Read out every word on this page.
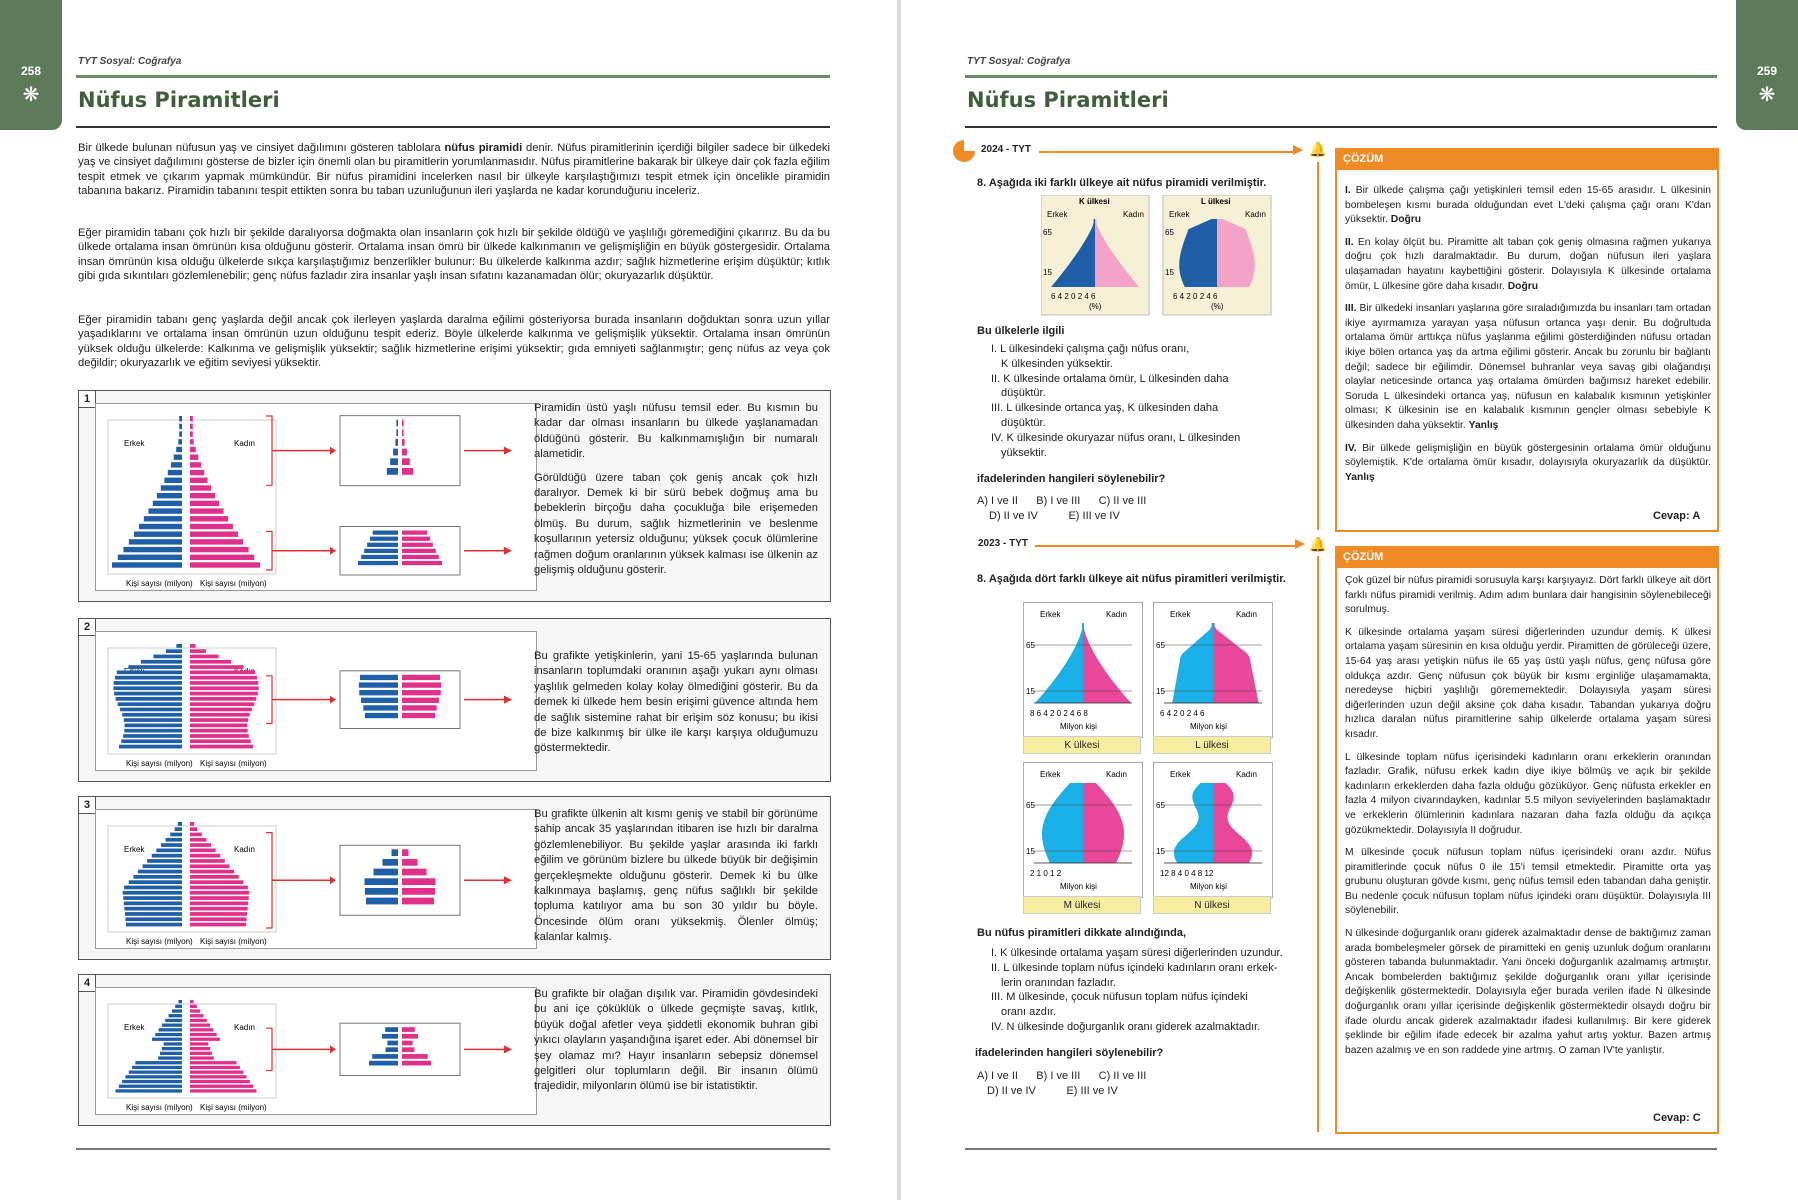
258
❋
TYT Sosyal: Coğrafya
Nüfus Piramitleri
Bir ülkede bulunan nüfusun yaş ve cinsiyet dağılımını gösteren tablolara nüfus piramidi denir. Nüfus piramitlerinin içerdiği bilgiler sadece bir ülkedeki yaş ve cinsiyet dağılımını gösterse de bizler için önemli olan bu piramitlerin yorumlanmasıdır. Nüfus piramitlerine bakarak bir ülkeye dair çok fazla eğilim tespit etmek ve çıkarım yapmak mümkündür. Bir nüfus piramidini incelerken nasıl bir ülkeyle karşılaştığımızı tespit etmek için öncelikle piramidin tabanına bakarız. Piramidin tabanını tespit ettikten sonra bu taban uzunluğunun ileri yaşlarda ne kadar korunduğunu inceleriz.
Eğer piramidin tabanı çok hızlı bir şekilde daralıyorsa doğmakta olan insanların çok hızlı bir şekilde öldüğü ve yaşlılığı göremediğini çıkarırız. Bu da bu ülkede ortalama insan ömrünün kısa olduğunu gösterir. Ortalama insan ömrü bir ülkede kalkınmanın ve gelişmişliğin en büyük göstergesidir. Ortalama insan ömrünün kısa olduğu ülkelerde sıkça karşılaştığımız benzerlikler bulunur: Bu ülkelerde kalkınma azdır; sağlık hizmetlerine erişim düşüktür; kıtlık gibi gıda sıkıntıları gözlemlenebilir; genç nüfus fazladır zira insanlar yaşlı insan sıfatını kazanamadan ölür; okuryazarlık düşüktür.
Eğer piramidin tabanı genç yaşlarda değil ancak çok ilerleyen yaşlarda daralma eğilimi gösteriyorsa burada insanların doğduktan sonra uzun yıllar yaşadıklarını ve ortalama insan ömrünün uzun olduğunu tespit ederiz. Böyle ülkelerde kalkınma ve gelişmişlik yüksektir. Ortalama insan ömrünün yüksek olduğu ülkelerde: Kalkınma ve gelişmişlik yüksektir; sağlık hizmetlerine erişimi yüksektir; gıda emniyeti sağlanmıştır; genç nüfus az veya çok değildir; okuryazarlık ve eğitim seviyesi yüksektir.
1
Erkek	Kadın
Kişi sayısı (milyon) Kişi sayısı (milyon)
Piramidin üstü yaşlı nüfusu temsil eder. Bu kısmın bu kadar dar olması insanların bu ülkede yaşlanamadan öldüğünü gösterir. Bu kalkınmamışlığın bir numaralı alametidir.
Görüldüğü üzere taban çok geniş ancak çok hızlı daralıyor. Demek ki bir sürü bebek doğmuş ama bu bebeklerin birçoğu daha çocukluğa bile erişemeden ölmüş. Bu durum, sağlık hizmetlerinin ve beslenme koşullarının yetersiz olduğunu; yüksek çocuk ölümlerine rağmen doğum oranlarının yüksek kalması ise ülkenin az gelişmiş olduğunu gösterir.
2
Kişi sayısı (milyon) Kişi sayısı (milyon)
Bu grafikte yetişkinlerin, yani 15-65 yaşlarında bulunan insanların toplumdaki oranının aşağı yukarı aynı olması yaşlılık gelmeden kolay kolay ölmediğini gösterir. Bu da demek ki ülkede hem besin erişimi güvence altında hem de sağlık sistemine rahat bir erişim söz konusu; bu ikisi de bize kalkınmış bir ülke ile karşı karşıya olduğumuzu göstermektedir.
3
Erkek	Kadın
Kişi sayısı (milyon) Kişi sayısı (milyon)
Bu grafikte ülkenin alt kısmı geniş ve stabil bir görünüme sahip ancak 35 yaşlarından itibaren ise hızlı bir daralma gözlemlenebiliyor. Bu şekilde yaşlar arasında iki farklı eğilim ve görünüm bizlere bu ülkede büyük bir değişimin gerçekleşmekte olduğunu gösterir. Demek ki bu ülke kalkınmaya başlamış, genç nüfus sağlıklı bir şekilde topluma katılıyor ama bu son 30 yıldır bu böyle. Öncesinde ölüm oranı yüksekmiş. Ölenler ölmüş; kalanlar kalmış.
4
Erkek	Kadın
Kişi sayısı (milyon) Kişi sayısı (milyon)
Bu grafikte bir olağan dışılık var. Piramidin gövdesindeki bu ani içe çöküklük o ülkede geçmişte savaş, kıtlık, büyük doğal afetler veya şiddetli ekonomik buhran gibi yıkıcı olayların yaşandığına işaret eder. Abi dönemsel bir şey olamaz mı? Hayır insanların sebepsiz dönemsel gelgitleri olur toplumların değil. Bir insanın ölümü trajedidir, milyonların ölümü ise bir istatistiktir.
259
❋
TYT Sosyal: Coğrafya
Nüfus Piramitleri
2024 - TYT	🔔
8. Aşağıda iki farklı ülkeye ait nüfus piramidi verilmiştir.
K ülkesi
Erkek	Kadın
65
15
6 4 2 0 2 4 6
(%)
L ülkesi
Erkek	Kadın
65
15
6 4 2 0 2 4 6
(%)
Bu ülkelerle ilgili
I. L ülkesindeki çalışma çağı nüfus oranı,
K ülkesinden yüksektir.
II. K ülkesinde ortalama ömür, L ülkesinden daha
düşüktür.
III. L ülkesinde ortanca yaş, K ülkesinden daha
düşüktür.
IV. K ülkesinde okuryazar nüfus oranı, L ülkesinden
yüksektir.
ifadelerinden hangileri söylenebilir?
A) I ve II      B) I ve III      C) II ve III
D) II ve IV          E) III ve IV
ÇÖZÜM

I. Bir ülkede çalışma çağı yetişkinleri temsil eden 15-65 arasıdır. L ülkesinin bombeleşen kısmı burada olduğundan evet L'deki çalışma çağı oranı K'dan yüksektir. Doğru

II. En kolay ölçüt bu. Piramitte alt taban çok geniş olmasına rağmen yukarıya doğru çok hızlı daralmaktadır. Bu durum, doğan nüfusun ileri yaşlara ulaşamadan hayatını kaybettiğini gösterir. Dolayısıyla K ülkesinde ortalama ömür, L ülkesine göre daha kısadır. Doğru

III. Bir ülkedeki insanları yaşlarına göre sıraladığımızda bu insanları tam ortadan ikiye ayırmamıza yarayan yaşa nüfusun ortanca yaşı denir. Bu doğrultuda ortalama ömür arttıkça nüfus yaşlanma eğilimi gösterdiğinden nüfusu ortadan ikiye bölen ortanca yaş da artma eğilimi gösterir. Ancak bu zorunlu bir bağlantı değil; sadece bir eğilimdir. Dönemsel buhranlar veya savaş gibi olağandışı olaylar neticesinde ortanca yaş ortalama ömürden bağımsız hareket edebilir. Soruda L ülkesindeki ortanca yaş, nüfusun en kalabalık kısmının yetişkinler olması; K ülkesinin ise en kalabalık kısmının gençler olması sebebiyle K ülkesinden daha yüksektir. Yanlış

IV. Bir ülkede gelişmişliğin en büyük göstergesinin ortalama ömür olduğunu söylemiştik. K'de ortalama ömür kısadır, dolayısıyla okuryazarlık da düşüktür. Yanlış

Cevap: A
2023 - TYT	🔔
8. Aşağıda dört farklı ülkeye ait nüfus piramitleri verilmiştir.
Erkek	Kadın
65
15
8 6 4 2 0 2 4 6 8
Milyon kişi
K ülkesi
Erkek	Kadın
65
15
6 4 2 0 2 4 6
Milyon kişi
L ülkesi
Erkek	Kadın
65
15
2 1 0 1 2
Milyon kişi
M ülkesi
Erkek	Kadın
65
15
12 8 4 0 4 8 12
Milyon kişi
N ülkesi
Bu nüfus piramitleri dikkate alındığında,
I. K ülkesinde ortalama yaşam süresi diğerlerinden uzundur.
II. L ülkesinde toplam nüfus içindeki kadınların oranı erkek-
lerin oranından fazladır.
III. M ülkesinde, çocuk nüfusun toplam nüfus içindeki
oranı azdır.
IV. N ülkesinde doğurganlık oranı giderek azalmaktadır.
ifadelerinden hangileri söylenebilir?
A) I ve II      B) I ve III      C) II ve III
D) II ve IV          E) III ve IV
ÇÖZÜM

Çok güzel bir nüfus piramidi sorusuyla karşı karşıyayız. Dört farklı ülkeye ait dört farklı nüfus piramidi verilmiş. Adım adım bunlara dair hangisinin söylenebileceği sorulmuş.

K ülkesinde ortalama yaşam süresi diğerlerinden uzundur demiş. K ülkesi ortalama yaşam süresinin en kısa olduğu yerdir. Piramitten de görüleceği üzere, 15-64 yaş arası yetişkin nüfus ile 65 yaş üstü yaşlı nüfus, genç nüfusa göre oldukça azdır. Genç nüfusun çok büyük bir kısmı erginliğe ulaşamamakta, neredeyse hiçbiri yaşlılığı görememektedir. Dolayısıyla yaşam süresi diğerlerinden uzun değil aksine çok daha kısadır. Tabandan yukarıya doğru hızlıca daralan nüfus piramitlerine sahip ülkelerde ortalama yaşam süresi kısadır.

L ülkesinde toplam nüfus içerisindeki kadınların oranı erkeklerin oranından fazladır. Grafik, nüfusu erkek kadın diye ikiye bölmüş ve açık bir şekilde kadınların erkeklerden daha fazla olduğu gözüküyor. Genç nüfusta erkekler en fazla 4 milyon civarındayken, kadınlar 5.5 milyon seviyelerinden başlamaktadır ve erkeklerin ölümlerinin kadınlara nazaran daha fazla olduğu da açıkça gözükmektedir. Dolayısıyla II doğrudur.

M ülkesinde çocuk nüfusun toplam nüfus içerisindeki oranı azdır. Nüfus piramitlerinde çocuk nüfus 0 ile 15'i temsil etmektedir. Piramitte orta yaş grubunu oluşturan gövde kısmı, genç nüfus temsil eden tabandan daha geniştir. Bu nedenle çocuk nüfusun toplam nüfus içindeki oranı düşüktür. Dolayısıyla III söylenebilir.

N ülkesinde doğurganlık oranı giderek azalmaktadır dense de baktığımız zaman arada bombeleşmeler görsek de piramitteki en geniş uzunluk doğum oranlarını gösteren tabanda bulunmaktadır. Yani önceki doğurganlık azalmamış artmıştır. Ancak bombelerden baktığımız şekilde doğurganlık oranı yıllar içerisinde değişkenlik göstermektedir. Dolayısıyla eğer burada verilen ifade N ülkesinde doğurganlık oranı yıllar içerisinde değişkenlik göstermektedir olsaydı doğru bir ifade olurdu ancak giderek azalmaktadır ifadesi kullanılmış. Bir kere giderek şeklinde bir eğilim ifade edecek bir azalma yahut artış yoktur. Bazen artmış bazen azalmış ve en son raddede yine artmış. O zaman IV'te yanlıştır.

Cevap: C
